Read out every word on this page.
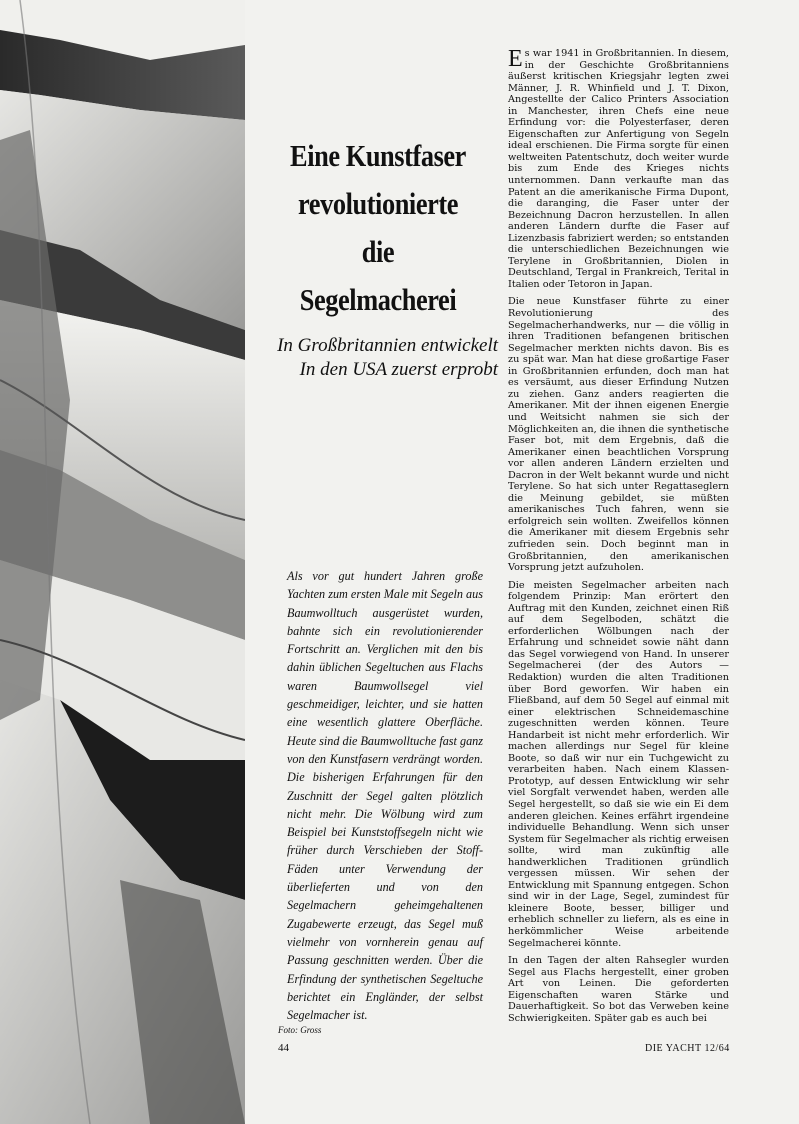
Eine Kunstfaser
revolutionierte
die
Segelmacherei
In Großbritannien entwickelt
In den USA zuerst erprobt

Als vor gut hundert Jahren große Yachten zum ersten Male mit Segeln aus Baumwolltuch ausgerüstet wurden, bahnte sich ein revolutionierender Fortschritt an. Verglichen mit den bis dahin üblichen Segeltuchen aus Flachs waren Baumwollsegel viel geschmeidiger, leichter, und sie hatten eine wesentlich glattere Oberfläche. Heute sind die Baumwolltuche fast ganz von den Kunstfasern verdrängt worden. Die bisherigen Erfahrungen für den Zuschnitt der Segel galten plötzlich nicht mehr. Die Wölbung wird zum Beispiel bei Kunststoffsegeln nicht wie früher durch Verschieben der Stoff-Fäden unter Verwendung der überlieferten und von den Segelmachern geheimgehaltenen Zugabewerte erzeugt, das Segel muß vielmehr von vornherein genau auf Passung geschnitten werden. Über die Erfindung der synthetischen Segeltuche berichtet ein Engländer, der selbst Segelmacher ist.

Foto: Gross
44

Es war 1941 in Großbritannien. In diesem, in der Geschichte Großbritanniens äußerst kritischen Kriegsjahr legten zwei Männer, J. R. Whinfield und J. T. Dixon, Angestellte der Calico Printers Association in Manchester, ihren Chefs eine neue Erfindung vor: die Polyesterfaser, deren Eigenschaften zur Anfertigung von Segeln ideal erschienen. Die Firma sorgte für einen weltweiten Patentschutz, doch weiter wurde bis zum Ende des Krieges nichts unternommen. Dann verkaufte man das Patent an die amerikanische Firma Dupont, die daranging, die Faser unter der Bezeichnung Dacron herzustellen. In allen anderen Ländern durfte die Faser auf Lizenzbasis fabriziert werden; so entstanden die unterschiedlichen Bezeichnungen wie Terylene in Großbritannien, Diolen in Deutschland, Tergal in Frankreich, Terital in Italien oder Tetoron in Japan.

Die neue Kunstfaser führte zu einer Revolutionierung des Segelmacherhandwerks, nur — die völlig in ihren Traditionen befangenen britischen Segelmacher merkten nichts davon. Bis es zu spät war. Man hat diese großartige Faser in Großbritannien erfunden, doch man hat es versäumt, aus dieser Erfindung Nutzen zu ziehen. Ganz anders reagierten die Amerikaner. Mit der ihnen eigenen Energie und Weitsicht nahmen sie sich der Möglichkeiten an, die ihnen die synthetische Faser bot, mit dem Ergebnis, daß die Amerikaner einen beachtlichen Vorsprung vor allen anderen Ländern erzielten und Dacron in der Welt bekannt wurde und nicht Terylene. So hat sich unter Regattaseglern die Meinung gebildet, sie müßten amerikanisches Tuch fahren, wenn sie erfolgreich sein wollten. Zweifellos können die Amerikaner mit diesem Ergebnis sehr zufrieden sein. Doch beginnt man in Großbritannien, den amerikanischen Vorsprung jetzt aufzuholen.

Die meisten Segelmacher arbeiten nach folgendem Prinzip: Man erörtert den Auftrag mit den Kunden, zeichnet einen Riß auf dem Segelboden, schätzt die erforderlichen Wölbungen nach der Erfahrung und schneidet sowie näht dann das Segel vorwiegend von Hand. In unserer Segelmacherei (der des Autors — Redaktion) wurden die alten Traditionen über Bord geworfen. Wir haben ein Fließband, auf dem 50 Segel auf einmal mit einer elektrischen Schneidemaschine zugeschnitten werden können. Teure Handarbeit ist nicht mehr erforderlich. Wir machen allerdings nur Segel für kleine Boote, so daß wir nur ein Tuchgewicht zu verarbeiten haben. Nach einem Klassen-Prototyp, auf dessen Entwicklung wir sehr viel Sorgfalt verwendet haben, werden alle Segel hergestellt, so daß sie wie ein Ei dem anderen gleichen. Keines erfährt irgendeine individuelle Behandlung. Wenn sich unser System für Segelmacher als richtig erweisen sollte, wird man zukünftig alle handwerklichen Traditionen gründlich vergessen müssen. Wir sehen der Entwicklung mit Spannung entgegen. Schon sind wir in der Lage, Segel, zumindest für kleinere Boote, besser, billiger und erheblich schneller zu liefern, als es eine in herkömmlicher Weise arbeitende Segelmacherei könnte.

In den Tagen der alten Rahsegler wurden Segel aus Flachs hergestellt, einer groben Art von Leinen. Die geforderten Eigenschaften waren Stärke und Dauerhaftigkeit. So bot das Verweben keine Schwierigkeiten. Später gab es auch bei

DIE YACHT 12/64
